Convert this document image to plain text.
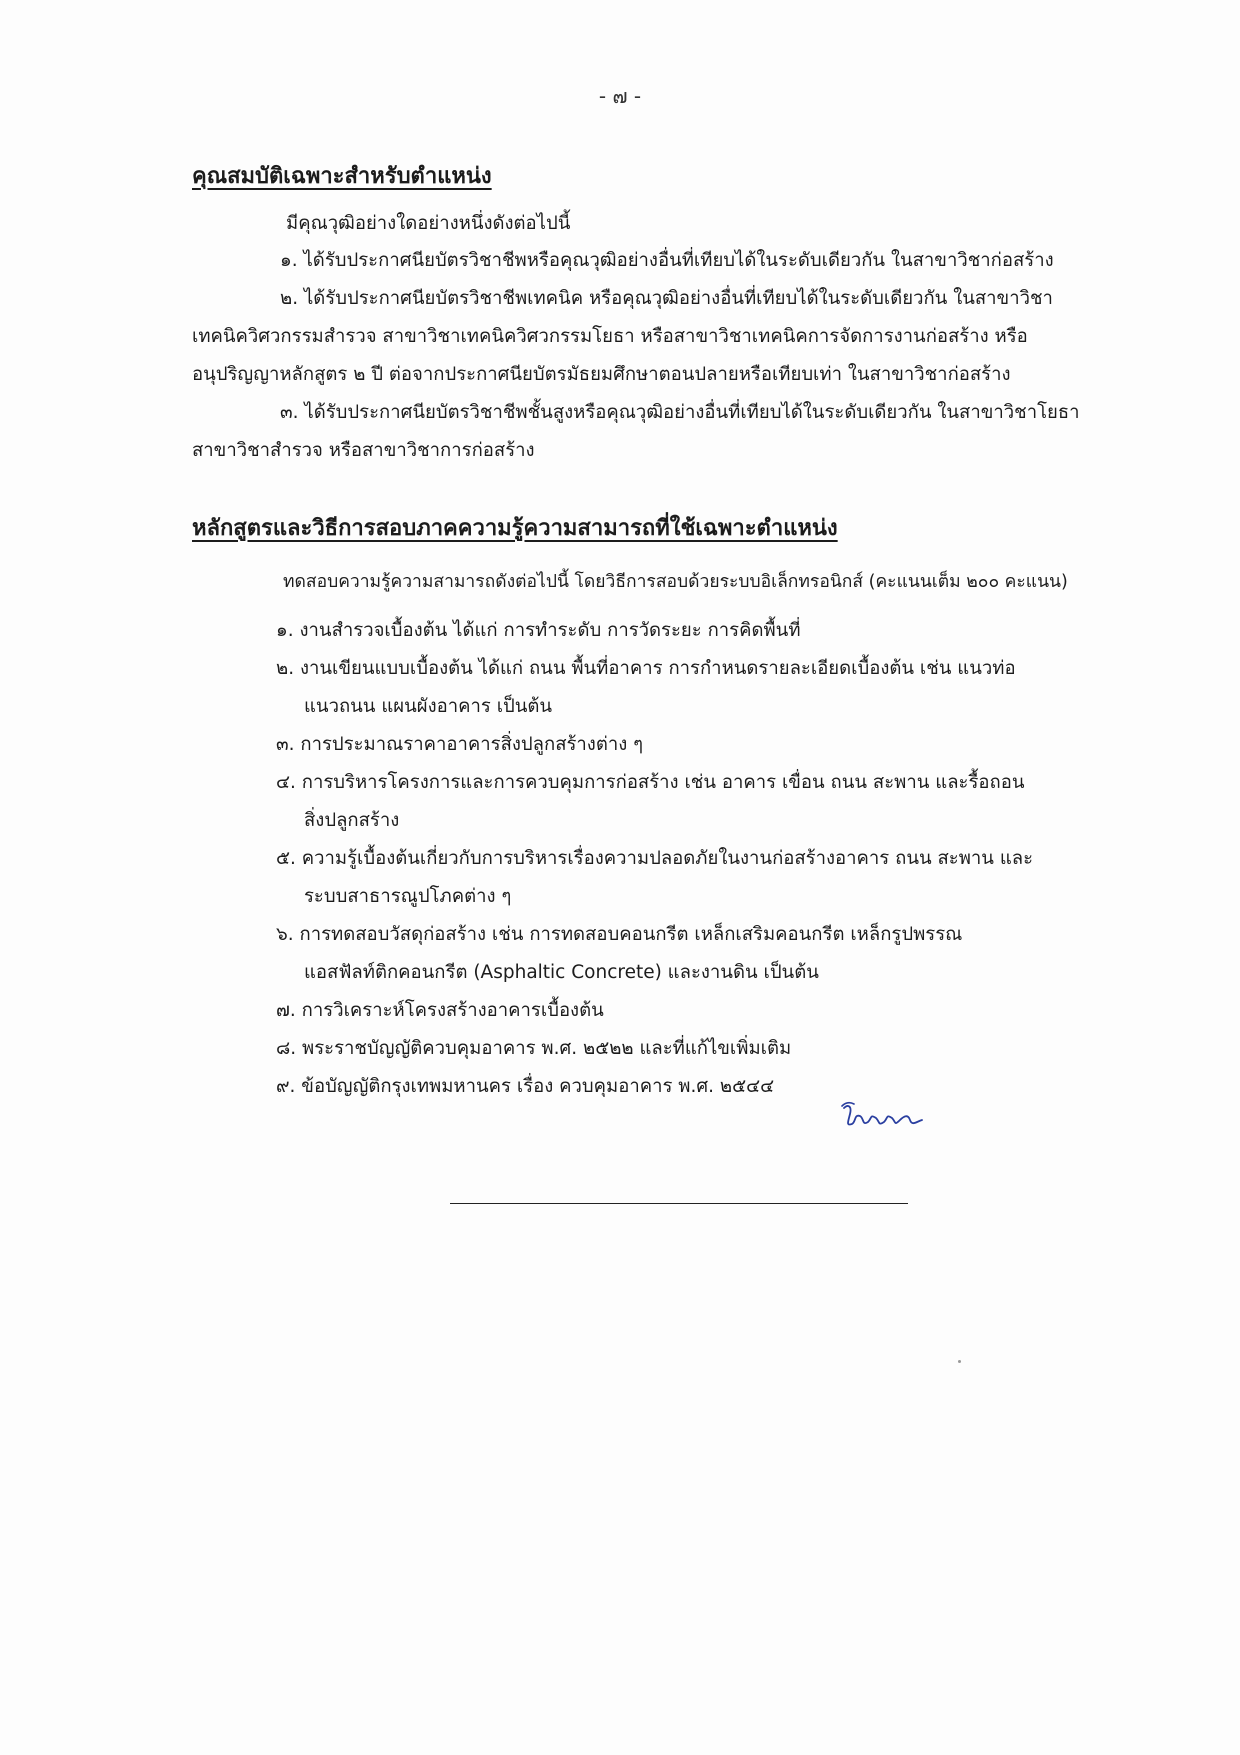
- ๗ -
คุณสมบัติเฉพาะสำหรับตำแหน่ง
มีคุณวุฒิอย่างใดอย่างหนึ่งดังต่อไปนี้
๑. ได้รับประกาศนียบัตรวิชาชีพหรือคุณวุฒิอย่างอื่นที่เทียบได้ในระดับเดียวกัน ในสาขาวิชาก่อสร้าง
๒. ได้รับประกาศนียบัตรวิชาชีพเทคนิค หรือคุณวุฒิอย่างอื่นที่เทียบได้ในระดับเดียวกัน ในสาขาวิชา
เทคนิควิศวกรรมสำรวจ สาขาวิชาเทคนิควิศวกรรมโยธา หรือสาขาวิชาเทคนิคการจัดการงานก่อสร้าง หรือ
อนุปริญญาหลักสูตร ๒ ปี ต่อจากประกาศนียบัตรมัธยมศึกษาตอนปลายหรือเทียบเท่า ในสาขาวิชาก่อสร้าง
๓. ได้รับประกาศนียบัตรวิชาชีพชั้นสูงหรือคุณวุฒิอย่างอื่นที่เทียบได้ในระดับเดียวกัน ในสาขาวิชาโยธา
สาขาวิชาสำรวจ หรือสาขาวิชาการก่อสร้าง
หลักสูตรและวิธีการสอบภาคความรู้ความสามารถที่ใช้เฉพาะตำแหน่ง
ทดสอบความรู้ความสามารถดังต่อไปนี้ โดยวิธีการสอบด้วยระบบอิเล็กทรอนิกส์ (คะแนนเต็ม ๒๐๐ คะแนน)
๑. งานสำรวจเบื้องต้น ได้แก่ การทำระดับ การวัดระยะ การคิดพื้นที่
๒. งานเขียนแบบเบื้องต้น ได้แก่ ถนน พื้นที่อาคาร การกำหนดรายละเอียดเบื้องต้น เช่น แนวท่อ
แนวถนน แผนผังอาคาร เป็นต้น
๓. การประมาณราคาอาคารสิ่งปลูกสร้างต่าง ๆ
๔. การบริหารโครงการและการควบคุมการก่อสร้าง เช่น อาคาร เขื่อน ถนน สะพาน และรื้อถอน
สิ่งปลูกสร้าง
๕. ความรู้เบื้องต้นเกี่ยวกับการบริหารเรื่องความปลอดภัยในงานก่อสร้างอาคาร ถนน สะพาน และ
ระบบสาธารณูปโภคต่าง ๆ
๖. การทดสอบวัสดุก่อสร้าง เช่น การทดสอบคอนกรีต เหล็กเสริมคอนกรีต เหล็กรูปพรรณ
แอสฟัลท์ติกคอนกรีต (Asphaltic Concrete) และงานดิน เป็นต้น
๗. การวิเคราะห์โครงสร้างอาคารเบื้องต้น
๘. พระราชบัญญัติควบคุมอาคาร พ.ศ. ๒๕๒๒ และที่แก้ไขเพิ่มเติม
๙. ข้อบัญญัติกรุงเทพมหานคร เรื่อง ควบคุมอาคาร พ.ศ. ๒๕๔๔
